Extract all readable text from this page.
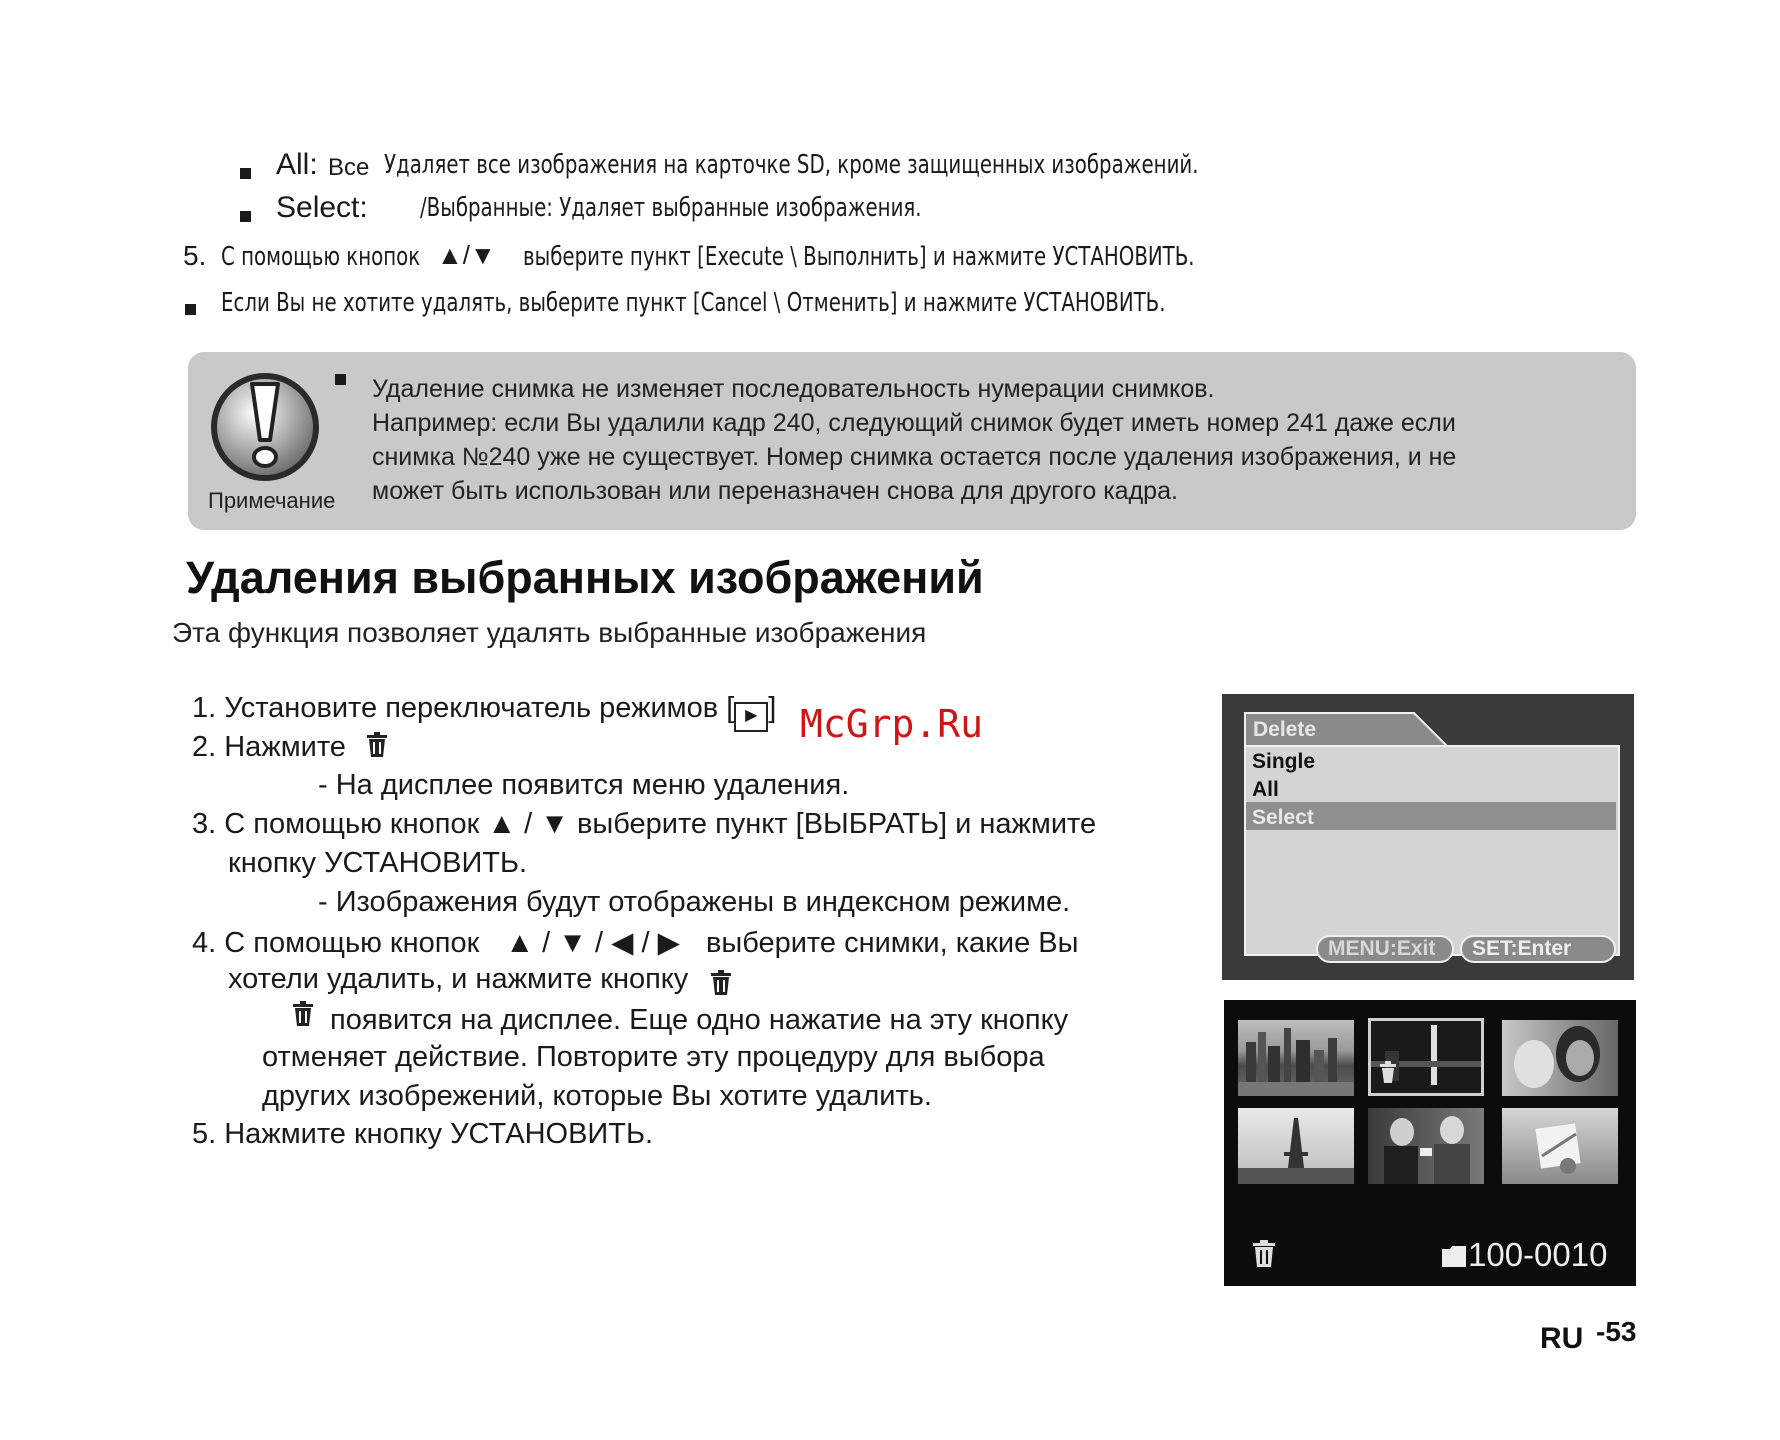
All: Все Удаляет все изображения на карточке SD, кроме защищенных изображений.
Select: /Выбранные: Удаляет выбранные изображения.
5. С помощью кнопок ▲/▼ выберите пункт [Execute \ Выполнить] и нажмите УСТАНОВИТЬ.
Если Вы не хотите удалять, выберите пункт [Cancel \ Отменить] и нажмите УСТАНОВИТЬ.
Примечание
Удаление снимка не изменяет последовательность нумерации снимков.
Например: если Вы удалили кадр 240, следующий снимок будет иметь номер 241 даже если
снимка №240 уже не существует. Номер снимка остается после удаления изображения, и не
может быть использован или переназначен снова для другого кадра.
Удаления выбранных изображений
Эта функция позволяет удалять выбранные изображения
1. Установите переключатель режимов [ ▶ ]
2. Нажмите
- На дисплее появится меню удаления.
3. С помощью кнопок ▲ / ▼ выберите пункт [ВЫБРАТЬ] и нажмите
кнопку УСТАНОВИТЬ.
- Изображения будут отображены в индексном режиме.
4. С помощью кнопок ▲ / ▼ / ◀ / ▶ выберите снимки, какие Вы
хотели удалить, и нажмите кнопку
появится на дисплее. Еще одно нажатие на эту кнопку
отменяет действие. Повторите эту процедуру для выбора
других изобрежений, которые Вы хотите удалить.
5. Нажмите кнопку УСТАНОВИТЬ.
McGrp.Ru	Delete
Single
All
Select
MENU:Exit	SET:Enter
100-0010
RU -53
